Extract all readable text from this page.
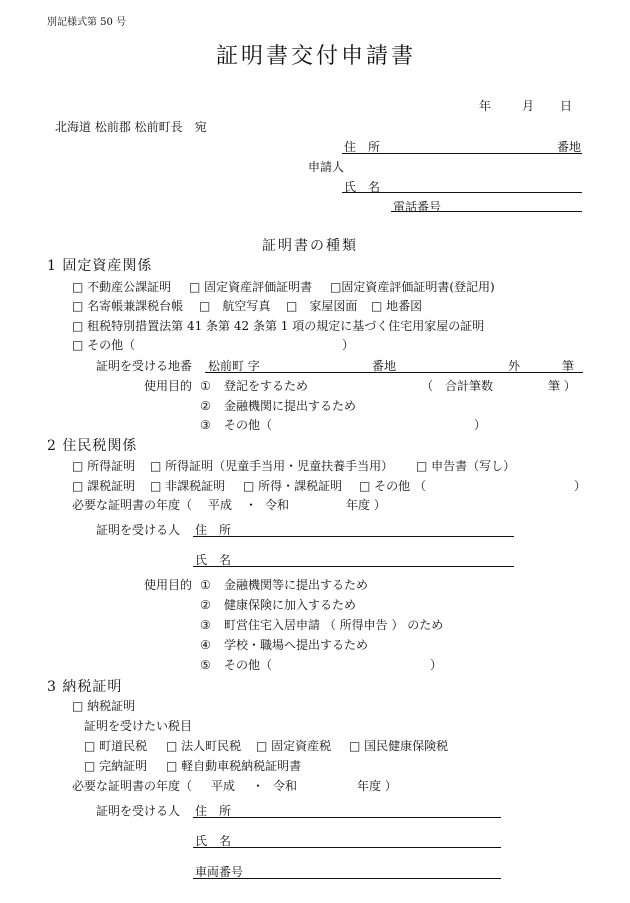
別記様式第 50 号
証明書交付申請書
年	月 日
北海道 松前郡 松前町長　宛
住　所	番地
申請人
氏　名
電話番号
証明書の種類
1 固定資産関係
□ 不動産公課証明 □ 固定資産評価証明書 □固定資産評価証明書(登記用)
□ 名寄帳兼課税台帳 □　航空写真 □　家屋図面 □ 地番図
□ 租税特別措置法第 41 条第 42 条第 1 項の規定に基づく住宅用家屋の証明
□ その他（	）
証明を受ける地番 松前町 字	番地	外	筆
使用目的 ① 登記をするため	（　合計筆数	筆 ）
② 金融機関に提出するため
③ その他（	）
2 住民税関係
□ 所得証明 □ 所得証明（児童手当用・児童扶養手当用） □ 申告書（写し）
□ 課税証明 □ 非課税証明 □ 所得・課税証明 □ その他 （	）
必要な証明書の年度（ 平成 ・ 令和	年度 ）
証明を受ける人 住　所
氏　名
使用目的 ① 金融機関等に提出するため
② 健康保険に加入するため
③ 町営住宅入居申請 （ 所得申告 ） のため
④ 学校・職場へ提出するため
⑤ その他（	）
3 納税証明
□ 納税証明
証明を受けたい税目
□ 町道民税 □ 法人町民税 □ 固定資産税 □ 国民健康保険税
□ 完納証明 □ 軽自動車税納税証明書
必要な証明書の年度（ 平成 ・ 令和	年度 ）
証明を受ける人 住　所
氏　名
車両番号
